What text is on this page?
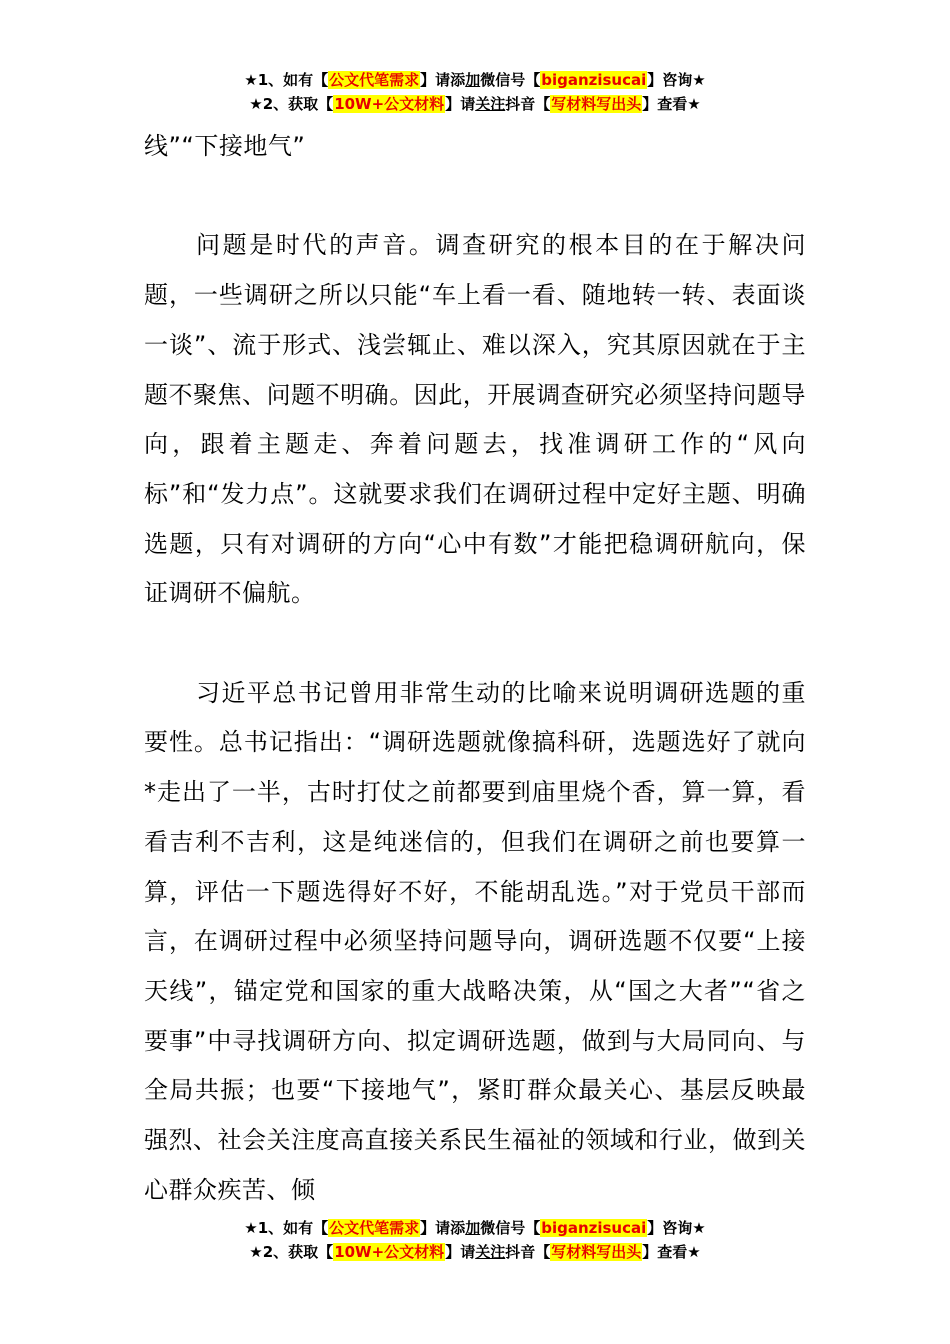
★1、如有【公文代笔需求】请添加微信号【biganzisucai】咨询★
★2、获取【10W+公文材料】请关注抖音【写材料写出头】查看★

线”“下接地气”

问题是时代的声音。调查研究的根本目的在于解决问题，一些调研之所以只能“车上看一看、随地转一转、表面谈一谈”、流于形式、浅尝辄止、难以深入，究其原因就在于主题不聚焦、问题不明确。因此，开展调查研究必须坚持问题导向，跟着主题走、奔着问题去，找准调研工作的“风向标”和“发力点”。这就要求我们在调研过程中定好主题、明确选题，只有对调研的方向“心中有数”才能把稳调研航向，保证调研不偏航。

习近平总书记曾用非常生动的比喻来说明调研选题的重要性。总书记指出：“调研选题就像搞科研，选题选好了就向*走出了一半，古时打仗之前都要到庙里烧个香，算一算，看看吉利不吉利，这是纯迷信的，但我们在调研之前也要算一算，评估一下题选得好不好，不能胡乱选。”对于党员干部而言，在调研过程中必须坚持问题导向，调研选题不仅要“上接天线”，锚定党和国家的重大战略决策，从“国之大者”“省之要事”中寻找调研方向、拟定调研选题，做到与大局同向、与全局共振；也要“下接地气”，紧盯群众最关心、基层反映最强烈、社会关注度高直接关系民生福祉的领域和行业，做到关心群众疾苦、倾

★1、如有【公文代笔需求】请添加微信号【biganzisucai】咨询★
★2、获取【10W+公文材料】请关注抖音【写材料写出头】查看★
